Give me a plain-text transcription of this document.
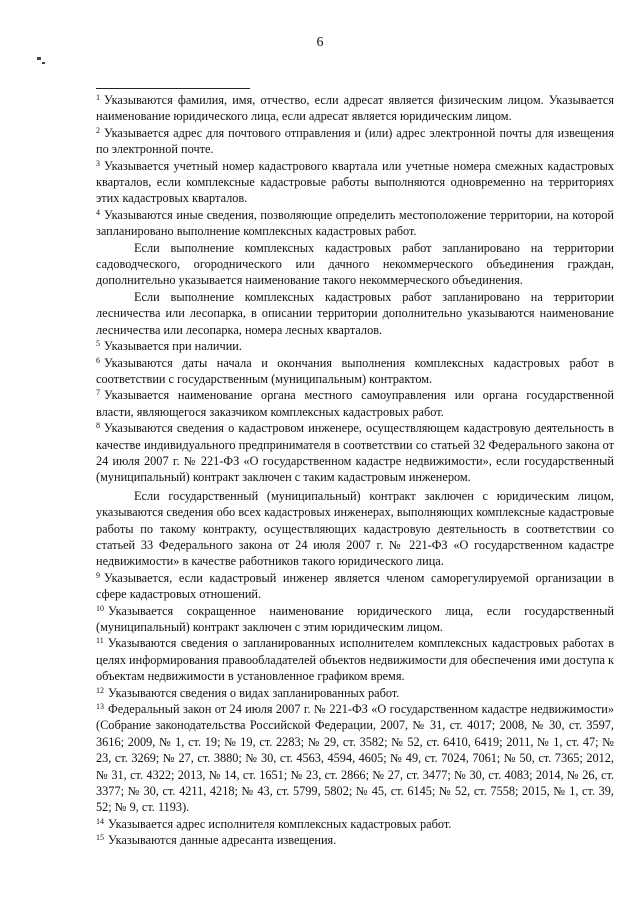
6

$^1$ Указываются фамилия, имя, отчество, если адресат является физическим лицом. Указывается наименование юридического лица, если адресат является юридическим лицом.

$^2$ Указывается адрес для почтового отправления и (или) адрес электронной почты для извещения по электронной почте.

$^3$ Указывается учетный номер кадастрового квартала или учетные номера смежных кадастровых кварталов, если комплексные кадастровые работы выполняются одновременно на территориях этих кадастровых кварталов.

$^4$ Указываются иные сведения, позволяющие определить местоположение территории, на которой запланировано выполнение комплексных кадастровых работ.

Если выполнение комплексных кадастровых работ запланировано на территории садоводческого, огороднического или дачного некоммерческого объединения граждан, дополнительно указывается наименование такого некоммерческого объединения.

Если выполнение комплексных кадастровых работ запланировано на территории лесничества или лесопарка, в описании территории дополнительно указываются наименование лесничества или лесопарка, номера лесных кварталов.

$^5$ Указывается при наличии.

$^6$ Указываются даты начала и окончания выполнения комплексных кадастровых работ в соответствии с государственным (муниципальным) контрактом.

$^7$ Указывается наименование органа местного самоуправления или органа государственной власти, являющегося заказчиком комплексных кадастровых работ.

$^8$ Указываются сведения о кадастровом инженере, осуществляющем кадастровую деятельность в качестве индивидуального предпринимателя в соответствии со статьей 32 Федерального закона от 24 июля 2007 г. № 221-ФЗ «О государственном кадастре недвижимости», если государственный (муниципальный) контракт заключен с таким кадастровым инженером.

Если государственный (муниципальный) контракт заключен с юридическим лицом, указываются сведения обо всех кадастровых инженерах, выполняющих комплексные кадастровые работы по такому контракту, осуществляющих кадастровую деятельность в соответствии со статьей 33 Федерального закона от 24 июля 2007 г. № 221-ФЗ «О государственном кадастре недвижимости» в качестве работников такого юридического лица.

$^9$ Указывается, если кадастровый инженер является членом саморегулируемой организации в сфере кадастровых отношений.

$^{10}$ Указывается сокращенное наименование юридического лица, если государственный (муниципальный) контракт заключен с этим юридическим лицом.

$^{11}$ Указываются сведения о запланированных исполнителем комплексных кадастровых работах в целях информирования правообладателей объектов недвижимости для обеспечения ими доступа к объектам недвижимости в установленное графиком время.

$^{12}$ Указываются сведения о видах запланированных работ.

$^{13}$ Федеральный закон от 24 июля 2007 г. № 221-ФЗ «О государственном кадастре недвижимости» (Собрание законодательства Российской Федерации, 2007, № 31, ст. 4017; 2008, № 30, ст. 3597, 3616; 2009, № 1, ст. 19; № 19, ст. 2283; № 29, ст. 3582; № 52, ст. 6410, 6419; 2011, № 1, ст. 47; № 23, ст. 3269; № 27, ст. 3880; № 30, ст. 4563, 4594, 4605; № 49, ст. 7024, 7061; № 50, ст. 7365; 2012, № 31, ст. 4322; 2013, № 14, ст. 1651; № 23, ст. 2866; № 27, ст. 3477; № 30, ст. 4083; 2014, № 26, ст. 3377; № 30, ст. 4211, 4218; № 43, ст. 5799, 5802; № 45, ст. 6145; № 52, ст. 7558; 2015, № 1, ст. 39, 52; № 9, ст. 1193).

$^{14}$ Указывается адрес исполнителя комплексных кадастровых работ.

$^{15}$ Указываются данные адресанта извещения.
